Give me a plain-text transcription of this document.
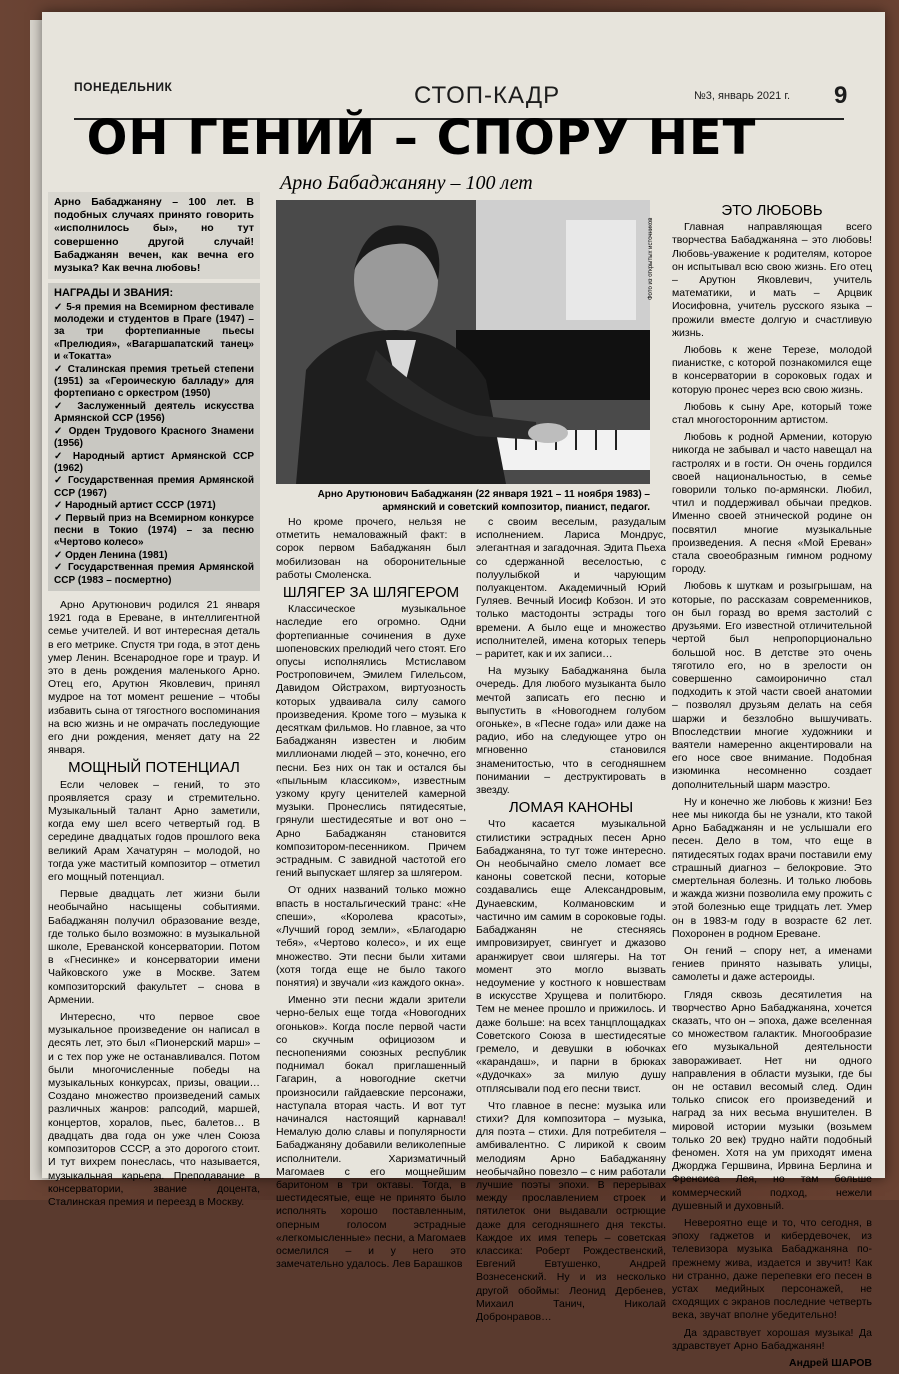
ПОНЕДЕЛЬНИК	СТОП-КАДР	№3, январь 2021 г. 9
ОН ГЕНИЙ – СПОРУ НЕТ
Арно Бабаджаняну – 100 лет

Арно Бабаджаняну – 100 лет. В подобных случаях принято говорить «исполнилось бы», но тут совершенно другой случай! Бабаджанян вечен, как вечна его музыка? Как вечна любовь!

НАГРАДЫ И ЗВАНИЯ:
✓ 5-я премия на Всемирном фестивале молодежи и студентов в Праге (1947) – за три фортепианные пьесы «Прелюдия», «Вагаршапатский танец» и «Токатта»
✓ Сталинская премия третьей степени (1951) за «Героическую балладу» для фортепиано с оркестром (1950)
✓ Заслуженный деятель искусства Армянской ССР (1956)
✓ Орден Трудового Красного Знамени (1956)
✓ Народный артист Армянской ССР (1962)
✓ Государственная премия Армянской ССР (1967)
✓ Народный артист СССР (1971)
✓ Первый приз на Всемирном конкурсе песни в Токио (1974) – за песню «Чертово колесо»
✓ Орден Ленина (1981)
✓ Государственная премия Армянской ССР (1983 – посмертно)

Арно Арутюнович родился 21 января 1921 года в Ереване, в интеллигентной семье учителей. И вот интересная деталь в его метрике. Спустя три года, в этот день умер Ленин. Всенародное горе и траур. И это в день рождения маленького Арно. Отец его, Арутюн Яковлевич, принял мудрое на тот момент решение – чтобы избавить сына от тягостного воспоминания на всю жизнь и не омрачать последующие его дни рождения, меняет дату на 22 января.

МОЩНЫЙ ПОТЕНЦИАЛ

Если человек – гений, то это проявляется сразу и стремительно. Музыкальный талант Арно заметили, когда ему шел всего четвертый год. В середине двадцатых годов прошлого века великий Арам Хачатурян – молодой, но тогда уже маститый композитор – отметил его мощный потенциал.

Первые двадцать лет жизни были необычайно насыщены событиями. Бабаджанян получил образование везде, где только было возможно: в музыкальной школе, Ереванской консерватории. Потом в «Гнесинке» и консерватории имени Чайковского уже в Москве. Затем композиторский факультет – снова в Армении.

Интересно, что первое свое музыкальное произведение он написал в десять лет, это был «Пионерский марш» – и с тех пор уже не останавливался. Потом были многочисленные победы на музыкальных конкурсах, призы, овации… Создано множество произведений самых различных жанров: рапсодий, маршей, концертов, хоралов, пьес, балетов… В двадцать два года он уже член Союза композиторов СССР, а это дорогого стоит. И тут вихрем понеслась, что называется, музыкальная карьера. Преподавание в консерватории, звание доцента, Сталинская премия и переезд в Москву.

Арно Арутюнович Бабаджанян (22 января 1921 – 11 ноября 1983) – армянский и советский композитор, пианист, педагог.

Но кроме прочего, нельзя не отметить немаловажный факт: в сорок первом Бабаджанян был мобилизован на оборонительные работы Смоленска.

ШЛЯГЕР ЗА ШЛЯГЕРОМ

Классическое музыкальное наследие его огромно. Одни фортепианные сочинения в духе шопеновских прелюдий чего стоят. Его опусы исполнялись Мстиславом Ростроповичем, Эмилем Гилельсом, Давидом Ойстрахом, виртуозность которых удваивала силу самого произведения. Кроме того – музыка к десяткам фильмов. Но главное, за что Бабаджанян известен и любим миллионами людей – это, конечно, его песни. Без них он так и остался бы «пыльным классиком», известным узкому кругу ценителей камерной музыки. Пронеслись пятидесятые, грянули шестидесятые и вот оно – Арно Бабаджанян становится композитором-песенником. Причем эстрадным. С завидной частотой его гений выпускает шлягер за шлягером.

От одних названий только можно впасть в ностальгический транс: «Не спеши», «Королева красоты», «Лучший город земли», «Благодарю тебя», «Чертово колесо», и их еще множество. Эти песни были хитами (хотя тогда еще не было такого понятия) и звучали «из каждого окна».

Именно эти песни ждали зрители черно-белых еще тогда «Новогодних огоньков». Когда после первой части со скучным официозом и песнопениями союзных республик поднимал бокал приглашенный Гагарин, а новогодние скетчи произносили гайдаевские персонажи, наступала вторая часть. И вот тут начинался настоящий карнавал! Немалую долю славы и популярности Бабаджаняну добавили великолепные исполнители. Харизматичный Магомаев с его мощнейшим баритоном в три октавы. Тогда, в шестидесятые, еще не принято было исполнять хорошо поставленным, оперным голосом эстрадные «легкомысленные» песни, а Магомаев осмелился – и у него это замечательно удалось. Лев Барашков

с своим веселым, разудалым исполнением. Лариса Мондрус, элегантная и загадочная. Эдита Пьеха со сдержанной веселостью, с полуулыбкой и чарующим полуакцентом. Академичный Юрий Гуляев. Вечный Иосиф Кобзон. И это только мастодонты эстрады того времени. А было еще и множество исполнителей, имена которых теперь – раритет, как и их записи…

На музыку Бабаджаняна была очередь. Для любого музыканта было мечтой записать его песню и выпустить в «Новогоднем голубом огоньке», в «Песне года» или даже на радио, ибо на следующее утро он мгновенно становился знаменитостью, что в сегодняшнем понимании – деструктировать в звезду.

ЛОМАЯ КАНОНЫ

Что касается музыкальной стилистики эстрадных песен Арно Бабаджаняна, то тут тоже интересно. Он необычайно смело ломает все каноны советской песни, которые создавались еще Александровым, Дунаевским, Колмановским и частично им самим в сороковые годы. Бабаджанян не стесняясь импровизирует, свингует и джазово аранжирует свои шлягеры. На тот момент это могло вызвать недоумение у костного к новшествам в искусстве Хрущева и политбюро. Тем не менее прошло и прижилось. И даже больше: на всех танцплощадках Советского Союза в шестидесятые гремело, и девушки в юбочках «карандаш», и парни в брюках «дудочках» за милую душу отплясывали под его песни твист.

Что главное в песне: музыка или стихи? Для композитора – музыка, для поэта – стихи. Для потребителя – амбивалентно. С лирикой к своим мелодиям Арно Бабаджаняну необычайно повезло – с ним работали лучшие поэты эпохи. В перерывах между прославлением строек и пятилеток они выдавали острющие даже для сегодняшнего дня тексты. Каждое их имя теперь – советская классика: Роберт Рождественский, Евгений Евтушенко, Андрей Вознесенский. Ну и из несколько другой обоймы: Леонид Дербенев, Михаил Танич, Николай Добронравов…

ЭТО ЛЮБОВЬ

Главная направляющая всего творчества Бабаджаняна – это любовь! Любовь-уважение к родителям, которое он испытывал всю свою жизнь. Его отец – Арутюн Яковлевич, учитель математики, и мать – Арцвик Иосифовна, учитель русского языка – прожили вместе долгую и счастливую жизнь.

Любовь к жене Терезе, молодой пианистке, с которой познакомился еще в консерватории в сороковых годах и которую пронес через всю свою жизнь.

Любовь к сыну Аре, который тоже стал многосторонним артистом.

Любовь к родной Армении, которую никогда не забывал и часто навещал на гастролях и в гости. Он очень гордился своей национальностью, в семье говорили только по-армянски. Любил, чтил и поддерживал обычаи предков. Именно своей этнической родине он посвятил многие музыкальные произведения. А песня «Мой Ереван» стала своеобразным гимном родному городу.

Любовь к шуткам и розыгрышам, на которые, по рассказам современников, он был горазд во время застолий с друзьями. Его известной отличительной чертой был непропорционально большой нос. В детстве это очень тяготило его, но в зрелости он совершенно самоиронично стал подходить к этой части своей анатомии – позволял друзьям делать на себя шаржи и беззлобно вышучивать. Впоследствии многие художники и ваятели намеренно акцентировали на его носе свое внимание. Подобная изюминка несомненно создает дополнительный шарм маэстро.

Ну и конечно же любовь к жизни! Без нее мы никогда бы не узнали, кто такой Арно Бабаджанян и не услышали его песен. Дело в том, что еще в пятидесятых годах врачи поставили ему страшный диагноз – белокровие. Это смертельная болезнь. И только любовь и жажда жизни позволила ему прожить с этой болезнью еще тридцать лет. Умер он в 1983-м году в возрасте 62 лет. Похоронен в родном Ереване.

Он гений – спору нет, а именами гениев принято называть улицы, самолеты и даже астероиды.

Глядя сквозь десятилетия на творчество Арно Бабаджаняна, хочется сказать, что он – эпоха, даже вселенная со множеством галактик. Многообразие его музыкальной деятельности завораживает. Нет ни одного направления в области музыки, где бы он не оставил весомый след. Один только список его произведений и наград за них весьма внушителен. В мировой истории музыки (возьмем только 20 век) трудно найти подобный феномен. Хотя на ум приходят имена Джорджа Гершвина, Ирвина Берлина и Френсиса Лея, но там больше коммерческий подход, нежели душевный и духовный.

Невероятно еще и то, что сегодня, в эпоху гаджетов и кибердевочек, из телевизора музыка Бабаджаняна по-прежнему жива, издается и звучит! Как ни странно, даже перепевки его песен в устах медийных персонажей, не сходящих с экранов последние четверть века, звучат вполне убедительно!

Да здравствует хорошая музыка! Да здравствует Арно Бабаджанян!

Андрей ШАРОВ

Фото из открытых источников
